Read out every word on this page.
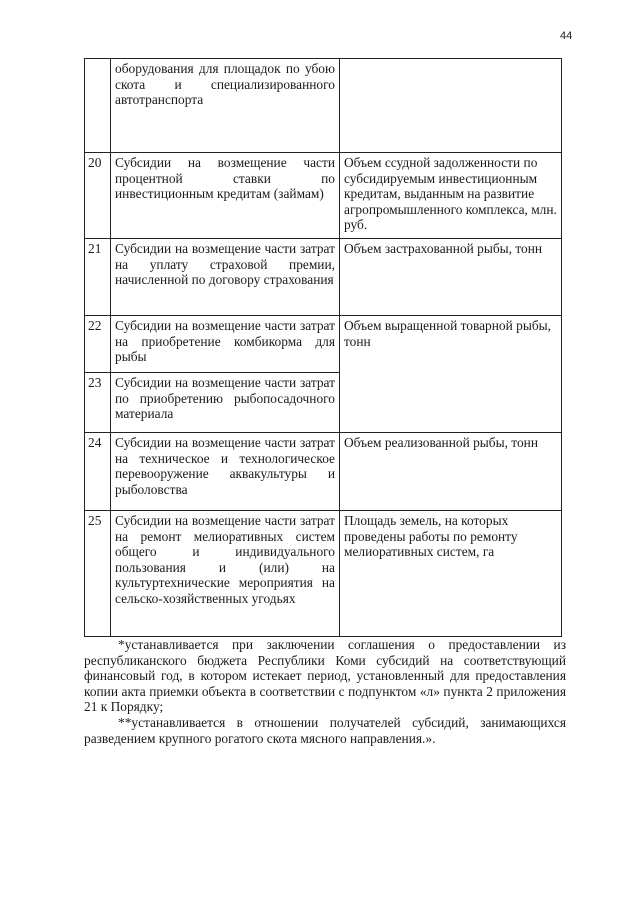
44
	оборудования для площадок по убою скота и специализированного автотранспорта	
20	Субсидии на возмещение части процентной ставки по инвестиционным кредитам (займам)	Объем ссудной задолженности по субсидируемым инвестиционным кредитам, выданным на развитие агропромышленного комплекса, млн. руб.
21	Субсидии на возмещение части затрат на уплату страховой премии, начисленной по договору страхования	Объем застрахованной рыбы, тонн
22	Субсидии на возмещение части затрат на приобретение комбикорма для рыбы	Объем выращенной товарной рыбы, тонн
23	Субсидии на возмещение части затрат по приобретению рыбопосадочного материала	
24	Субсидии на возмещение части затрат на техническое и технологическое перевооружение аквакультуры и рыболовства	Объем реализованной рыбы, тонн
25	Субсидии на возмещение части затрат на ремонт мелиоративных систем общего и индивидуального пользования и (или) на культуртехнические мероприятия на сельско-хозяйственных угодьях	Площадь земель, на которых проведены работы по ремонту мелиоративных систем, га

*устанавливается при заключении соглашения о предоставлении из республиканского бюджета Республики Коми субсидий на соответствующий финансовый год, в котором истекает период, установленный для предоставления копии акта приемки объекта в соответствии с подпунктом «л» пункта 2 приложения 21 к Порядку;

**устанавливается в отношении получателей субсидий, занимающихся разведением крупного рогатого скота мясного направления.».
